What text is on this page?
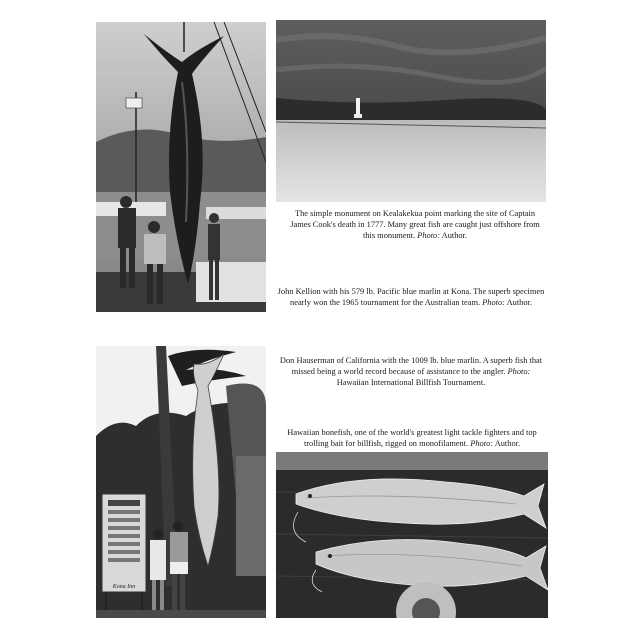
Kona Inn
The simple monument on Kealakekua point marking the site of Captain James Cook's death in 1777. Many great fish are caught just offshore from this monument. Photo: Author.
John Kellion with his 579 lb. Pacific blue marlin at Kona. The superb specimen nearly won the 1965 tournament for the Australian team. Photo: Author.
Don Hauserman of California with the 1009 lb. blue marlin. A superb fish that missed being a world record because of assistance to the angler. Photo: Hawaiian International Billfish Tournament.
Hawaiian bonefish, one of the world's greatest light tackle fighters and top trolling bait for billfish, rigged on monofilament. Photo: Author.
